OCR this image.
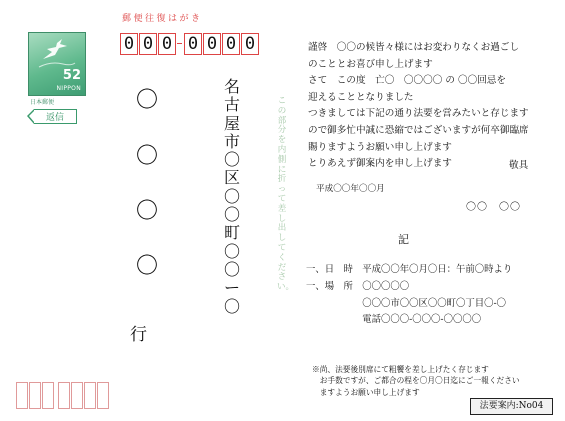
52
NIPPON
日本郵便
返信
郵便往復はがき
0 0 0 0 0 0 0
〇
〇
〇
〇
行
名古屋市〇区〇〇町〇〇ー〇
この部分を内側に折って差し出してください。
謹啓　〇〇の候皆々様にはお変わりなくお過ごし
のこととお喜び申し上げます
さて　この度　亡〇　〇〇〇〇 の 〇〇回忌を
迎えることとなりました
つきましては下記の通り法要を営みたいと存じます
ので御多忙中誠に恐縮ではございますが何卒御臨席
賜りますようお願い申し上げます
とりあえず御案内を申し上げます	敬具
平成〇〇年〇〇月
〇〇　〇〇
記
一、日　時　平成〇〇年〇月〇日：午前〇時より
一、場　所　〇〇〇〇〇
　　　　　　〇〇〇市〇〇区〇〇町〇丁目〇-〇
　　　　　　電話〇〇〇-〇〇〇-〇〇〇〇
※尚、法要後別席にて粗饗を差し上げたく存じます
　お手数ですが、ご都合の程を〇月〇日迄にご一報ください
　ますようお願い申し上げます
法要案内:No04
